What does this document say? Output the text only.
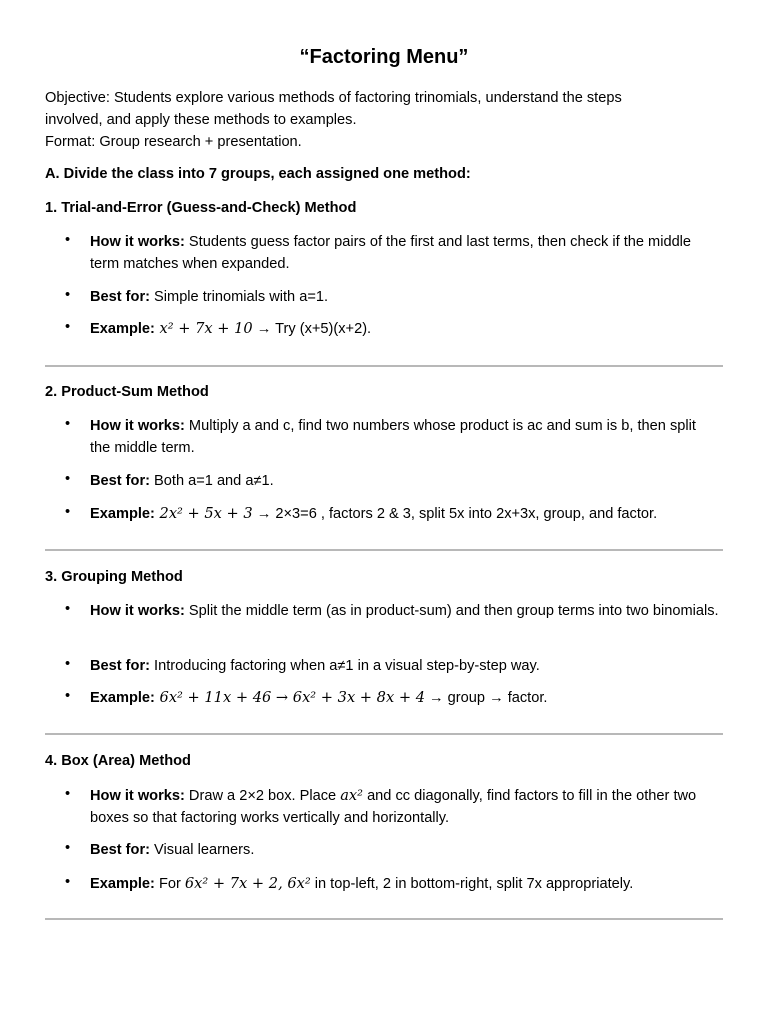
“Factoring Menu”
Objective: Students explore various methods of factoring trinomials, understand the steps
involved, and apply these methods to examples.
Format: Group research + presentation.
A. Divide the class into 7 groups, each assigned one method:
1. Trial-and-Error (Guess-and-Check) Method
• How it works: Students guess factor pairs of the first and last terms, then check if the middle term matches when expanded.
• Best for: Simple trinomials with a=1.
• Example: x² + 7x + 10 → Try (x+5)(x+2).
2. Product-Sum Method
• How it works: Multiply a and c, find two numbers whose product is ac and sum is b, then split the middle term.
• Best for: Both a=1 and a≠1.
• Example: 2x² + 5x + 3 → 2×3=6 , factors 2 & 3, split 5x into 2x+3x, group, and factor.
3. Grouping Method
• How it works: Split the middle term (as in product-sum) and then group terms into two binomials.
• Best for: Introducing factoring when a≠1 in a visual step-by-step way.
• Example: 6x² + 11x + 46 → 6x² + 3x + 8x + 4 → group → factor.
4. Box (Area) Method
• How it works: Draw a 2×2 box. Place ax² and cc diagonally, find factors to fill in the other two boxes so that factoring works vertically and horizontally.
• Best for: Visual learners.
• Example: For 6x² + 7x + 2, 6x² in top-left, 2 in bottom-right, split 7x appropriately.
